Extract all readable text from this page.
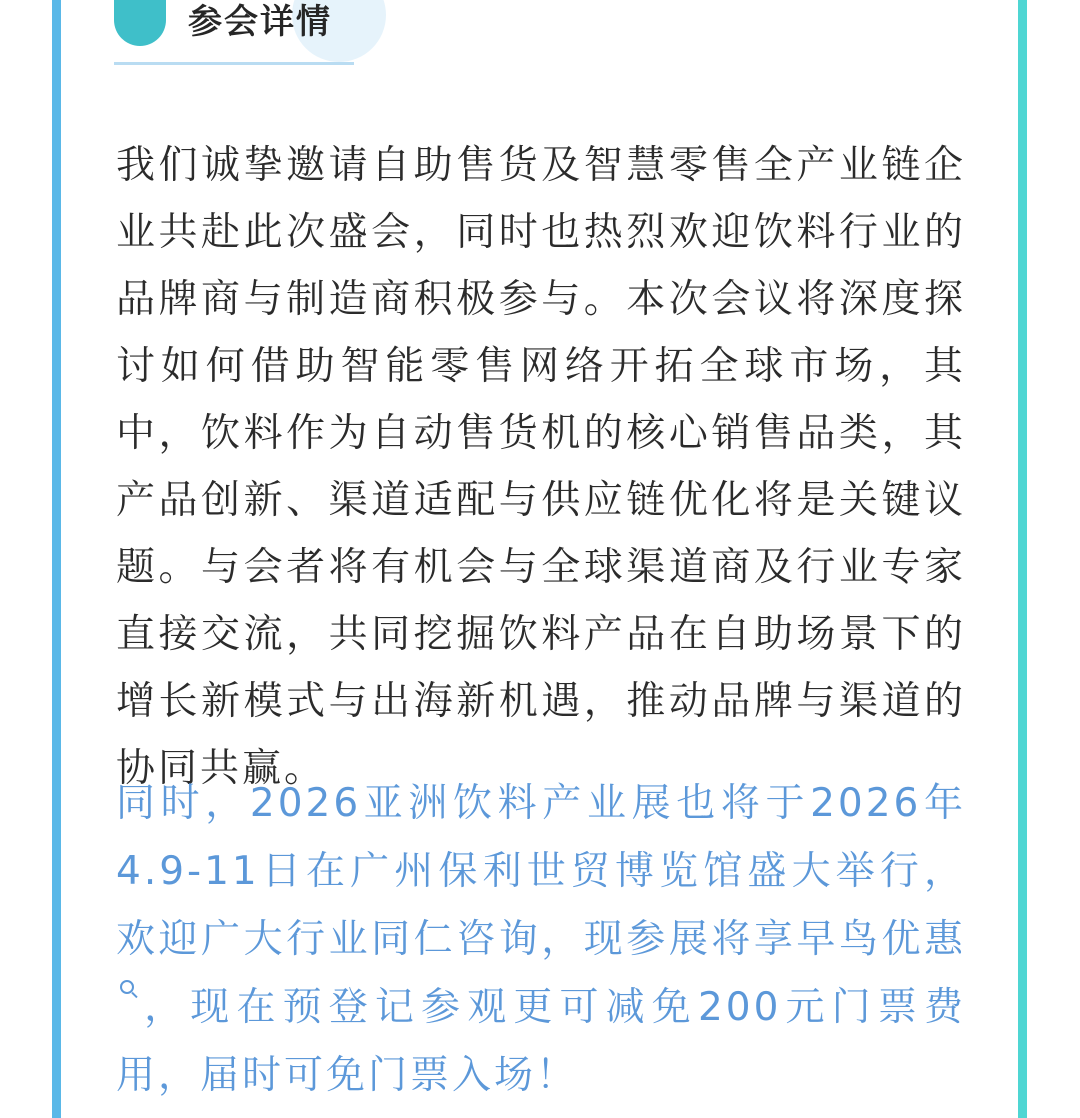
参会详情

我们诚挚邀请自助售货及智慧零售全产业链企业共赴此次盛会，同时也热烈欢迎饮料行业的品牌商与制造商积极参与。本次会议将深度探讨如何借助智能零售网络开拓全球市场，其中，饮料作为自动售货机的核心销售品类，其产品创新、渠道适配与供应链优化将是关键议题。与会者将有机会与全球渠道商及行业专家直接交流，共同挖掘饮料产品在自助场景下的增长新模式与出海新机遇，推动品牌与渠道的协同共赢。

同时，2026亚洲饮料产业展也将于2026年4.9-11日在广州保利世贸博览馆盛大举行，欢迎广大行业同仁咨询，现参展将享早鸟优惠，现在预登记参观更可减免200元门票费用，届时可免门票入场！
